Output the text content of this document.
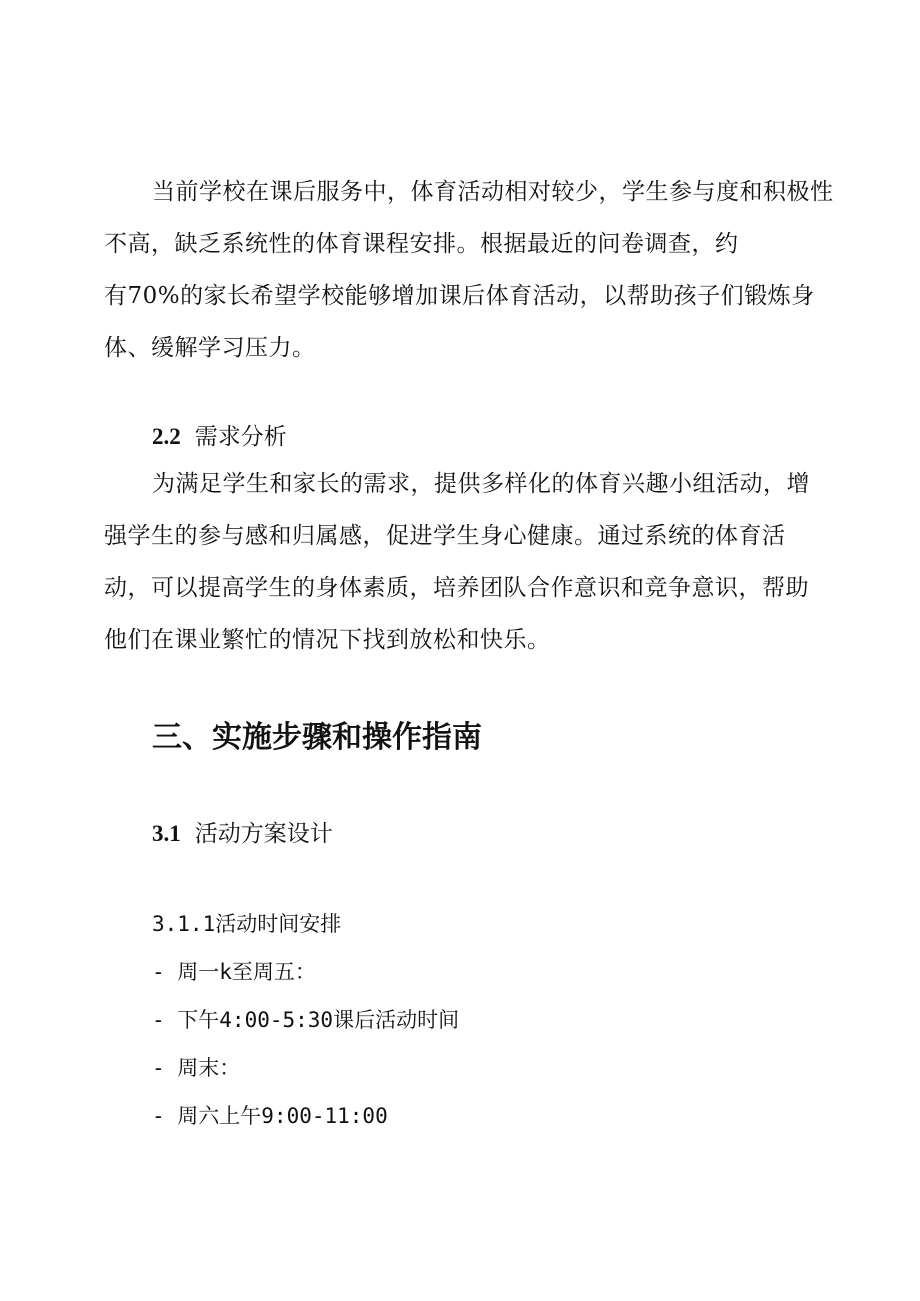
当前学校在课后服务中，体育活动相对较少，学生参与度和积极性
不高，缺乏系统性的体育课程安排。根据最近的问卷调查，约
有70%的家长希望学校能够增加课后体育活动，以帮助孩子们锻炼身
体、缓解学习压力。

2.2 需求分析

为满足学生和家长的需求，提供多样化的体育兴趣小组活动，增
强学生的参与感和归属感，促进学生身心健康。通过系统的体育活
动，可以提高学生的身体素质，培养团队合作意识和竞争意识，帮助
他们在课业繁忙的情况下找到放松和快乐。

三、实施步骤和操作指南
3.1 活动方案设计
3.1.1活动时间安排
- 周一k至周五：
- 下午4:00-5:30课后活动时间
- 周末：
- 周六上午9:00-11:00
